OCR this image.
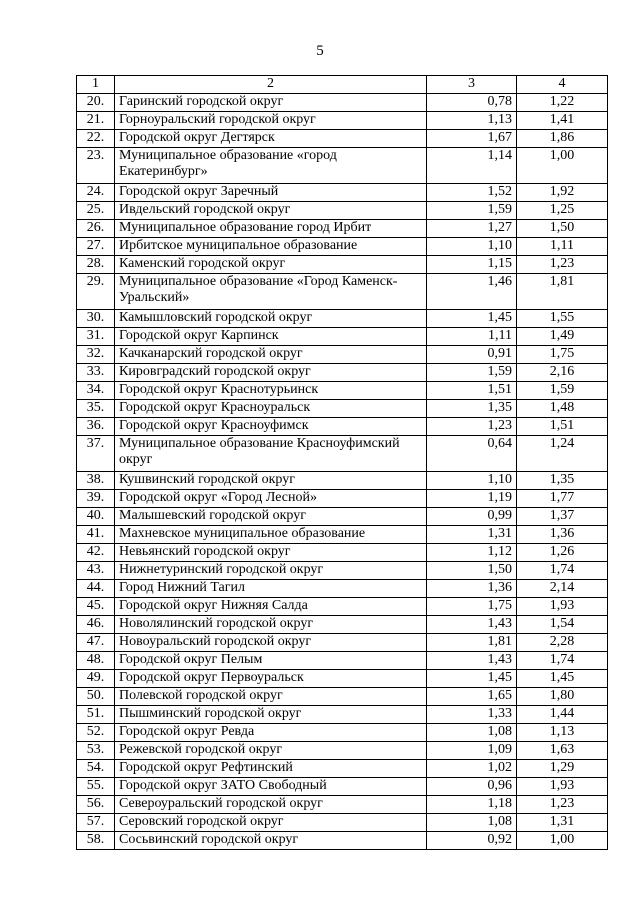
5
1	2	3	4
20.	Гаринский городской округ	0,78	1,22
21.	Горноуральский городской округ	1,13	1,41
22.	Городской округ Дегтярск	1,67	1,86
23.	Муниципальное образование «город Екатеринбург»	1,14	1,00
24.	Городской округ Заречный	1,52	1,92
25.	Ивдельский городской округ	1,59	1,25
26.	Муниципальное образование город Ирбит	1,27	1,50
27.	Ирбитское муниципальное образование	1,10	1,11
28.	Каменский городской округ	1,15	1,23
29.	Муниципальное образование «Город Каменск-Уральский»	1,46	1,81
30.	Камышловский городской округ	1,45	1,55
31.	Городской округ Карпинск	1,11	1,49
32.	Качканарский городской округ	0,91	1,75
33.	Кировградский городской округ	1,59	2,16
34.	Городской округ Краснотурьинск	1,51	1,59
35.	Городской округ Красноуральск	1,35	1,48
36.	Городской округ Красноуфимск	1,23	1,51
37.	Муниципальное образование Красноуфимский округ	0,64	1,24
38.	Кушвинский городской округ	1,10	1,35
39.	Городской округ «Город Лесной»	1,19	1,77
40.	Малышевский городской округ	0,99	1,37
41.	Махневское муниципальное образование	1,31	1,36
42.	Невьянский городской округ	1,12	1,26
43.	Нижнетуринский городской округ	1,50	1,74
44.	Город Нижний Тагил	1,36	2,14
45.	Городской округ Нижняя Салда	1,75	1,93
46.	Новолялинский городской округ	1,43	1,54
47.	Новоуральский городской округ	1,81	2,28
48.	Городской округ Пелым	1,43	1,74
49.	Городской округ Первоуральск	1,45	1,45
50.	Полевской городской округ	1,65	1,80
51.	Пышминский городской округ	1,33	1,44
52.	Городской округ Ревда	1,08	1,13
53.	Режевской городской округ	1,09	1,63
54.	Городской округ Рефтинский	1,02	1,29
55.	Городской округ ЗАТО Свободный	0,96	1,93
56.	Североуральский городской округ	1,18	1,23
57.	Серовский городской округ	1,08	1,31
58.	Сосьвинский городской округ	0,92	1,00
